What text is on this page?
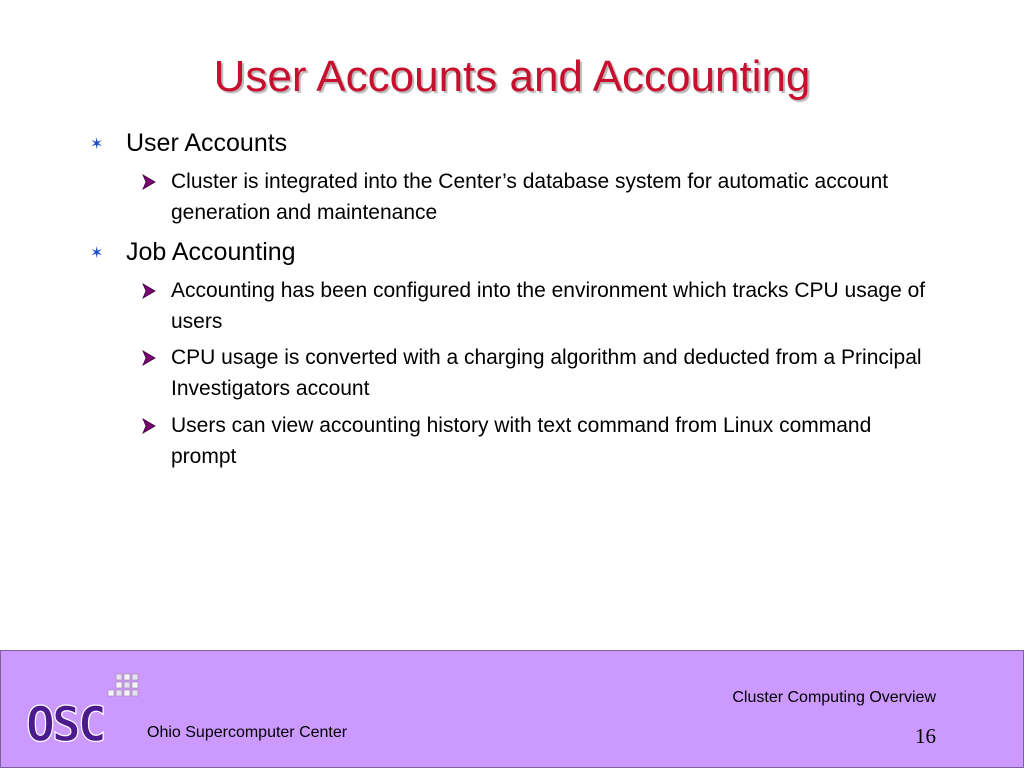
User Accounts and Accounting
✶ User Accounts
Cluster is integrated into the Center’s database system for automatic account generation and maintenance
✶ Job Accounting
Accounting has been configured into the environment which tracks CPU usage of users
CPU usage is converted with a charging algorithm and deducted from a Principal Investigators account
Users can view accounting history with text command from Linux command prompt
OSC	Ohio Supercomputer Center
Cluster Computing Overview
16
